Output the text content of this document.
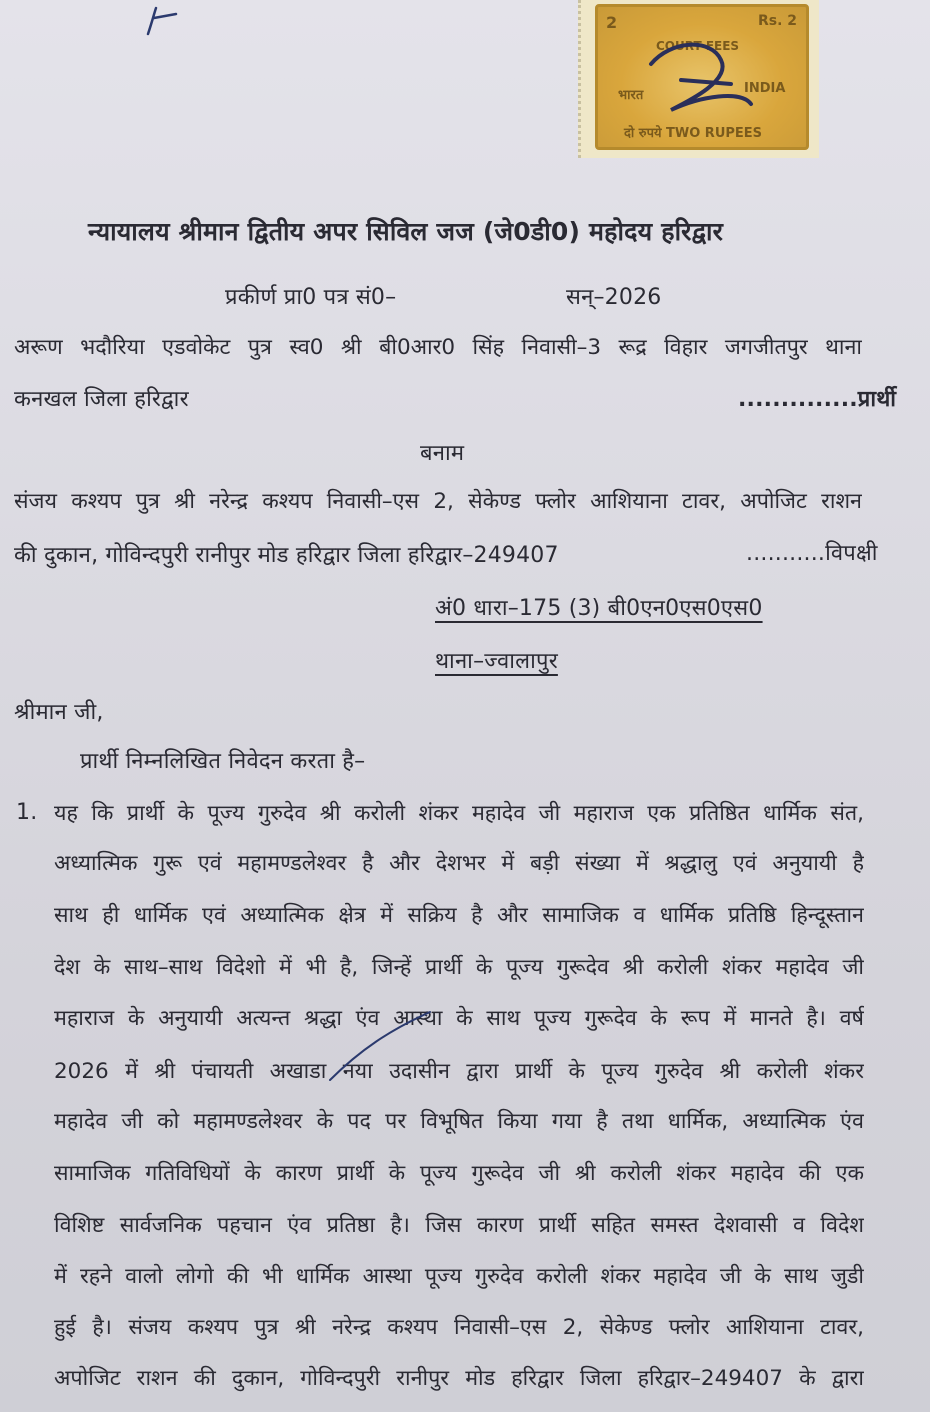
2	Rs. 2
COURT FEES
भारत	INDIA
दो रुपये TWO RUPEES
न्यायालय श्रीमान द्वितीय अपर सिविल जज (जे0डी0) महोदय हरिद्वार
प्रकीर्ण प्रा0 पत्र सं0–	सन्–2026
अरूण भदौरिया एडवोकेट पुत्र स्व0 श्री बी0आर0 सिंह निवासी–3 रूद्र विहार जगजीतपुर थाना
कनखल जिला हरिद्वार	..............प्रार्थी
बनाम
संजय कश्यप पुत्र श्री नरेन्द्र कश्यप निवासी–एस 2, सेकेण्ड फ्लोर आशियाना टावर, अपोजिट राशन
की दुकान, गोविन्दपुरी रानीपुर मोड हरिद्वार जिला हरिद्वार–249407	...........विपक्षी
अं0 धारा–175 (3) बी0एन0एस0एस0
थाना–ज्वालापुर
श्रीमान जी,
प्रार्थी निम्नलिखित निवेदन करता है–
1. यह कि प्रार्थी के पूज्य गुरुदेव श्री करोली शंकर महादेव जी महाराज एक प्रतिष्ठित धार्मिक संत,
अध्यात्मिक गुरू एवं महामण्डलेश्वर है और देशभर में बड़ी संख्या में श्रद्धालु एवं अनुयायी है
साथ ही धार्मिक एवं अध्यात्मिक क्षेत्र में सक्रिय है और सामाजिक व धार्मिक प्रतिष्ठि हिन्दूस्तान
देश के साथ–साथ विदेशो में भी है, जिन्हें प्रार्थी के पूज्य गुरूदेव श्री करोली शंकर महादेव जी
महाराज के अनुयायी अत्यन्त श्रद्धा एंव आस्था के साथ पूज्य गुरूदेव के रूप में मानते है। वर्ष
2026 में श्री पंचायती अखाडा नया उदासीन द्वारा प्रार्थी के पूज्य गुरुदेव श्री करोली शंकर
महादेव जी को महामण्डलेश्वर के पद पर विभूषित किया गया है तथा धार्मिक, अध्यात्मिक एंव
सामाजिक गतिविधियों के कारण प्रार्थी के पूज्य गुरूदेव जी श्री करोली शंकर महादेव की एक
विशिष्ट सार्वजनिक पहचान एंव प्रतिष्ठा है। जिस कारण प्रार्थी सहित समस्त देशवासी व विदेश
में रहने वालो लोगो की भी धार्मिक आस्था पूज्य गुरुदेव करोली शंकर महादेव जी के साथ जुडी
हुई है। संजय कश्यप पुत्र श्री नरेन्द्र कश्यप निवासी–एस 2, सेकेण्ड फ्लोर आशियाना टावर,
अपोजिट राशन की दुकान, गोविन्दपुरी रानीपुर मोड हरिद्वार जिला हरिद्वार–249407 के द्वारा
